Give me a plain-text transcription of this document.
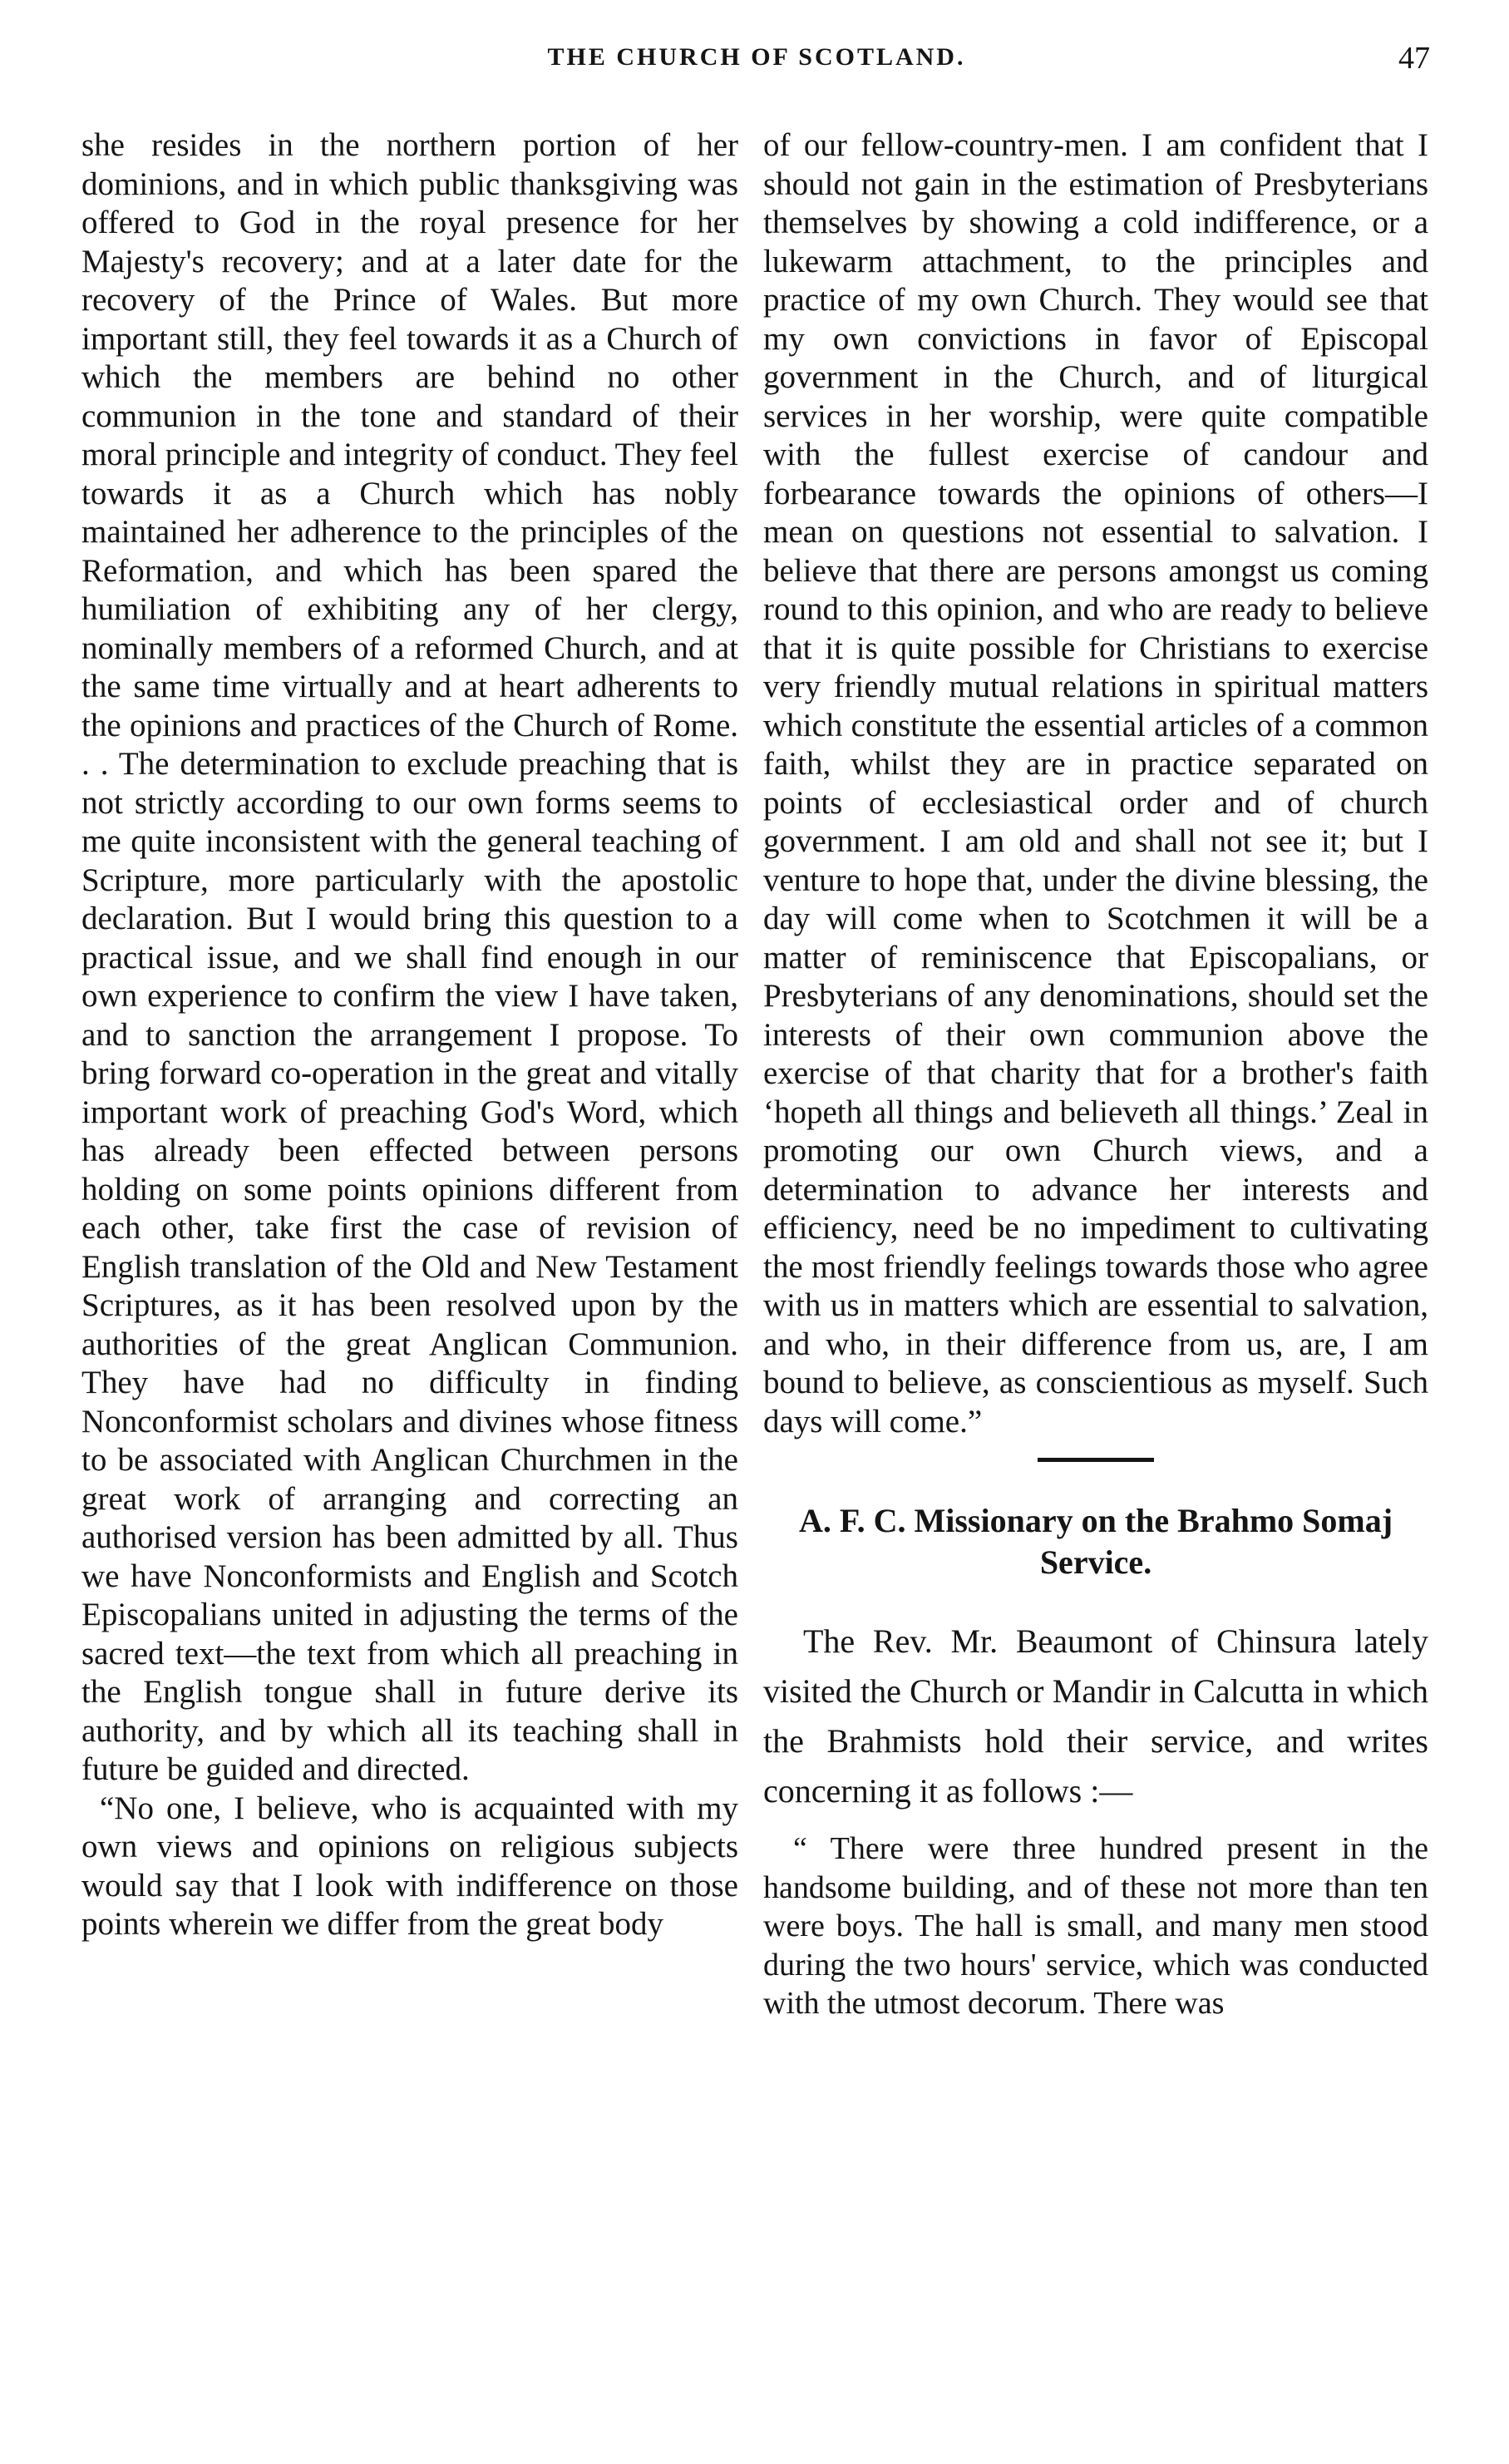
THE CHURCH OF SCOTLAND.	47

she resides in the northern portion of her dominions, and in which public thanksgiving was offered to God in the royal presence for her Majesty's recovery; and at a later date for the recovery of the Prince of Wales. But more important still, they feel towards it as a Church of which the members are behind no other communion in the tone and standard of their moral principle and integrity of conduct. They feel towards it as a Church which has nobly maintained her adherence to the principles of the Reformation, and which has been spared the humiliation of exhibiting any of her clergy, nominally members of a reformed Church, and at the same time virtually and at heart adherents to the opinions and practices of the Church of Rome. . . The determination to exclude preaching that is not strictly according to our own forms seems to me quite inconsistent with the general teaching of Scripture, more particularly with the apostolic declaration. But I would bring this question to a practical issue, and we shall find enough in our own experience to confirm the view I have taken, and to sanction the arrangement I propose. To bring forward co-operation in the great and vitally important work of preaching God's Word, which has already been effected between persons holding on some points opinions different from each other, take first the case of revision of English translation of the Old and New Testament Scriptures, as it has been resolved upon by the authorities of the great Anglican Communion. They have had no difficulty in finding Nonconformist scholars and divines whose fitness to be associated with Anglican Churchmen in the great work of arranging and correcting an authorised version has been admitted by all. Thus we have Nonconformists and English and Scotch Episcopalians united in adjusting the terms of the sacred text—the text from which all preaching in the English tongue shall in future derive its authority, and by which all its teaching shall in future be guided and directed.

“No one, I believe, who is acquainted with my own views and opinions on religious subjects would say that I look with indifference on those points wherein we differ from the great body

of our fellow-country-men. I am confident that I should not gain in the estimation of Presbyterians themselves by showing a cold indifference, or a lukewarm attachment, to the principles and practice of my own Church. They would see that my own convictions in favor of Episcopal government in the Church, and of liturgical services in her worship, were quite compatible with the fullest exercise of candour and forbearance towards the opinions of others—I mean on questions not essential to salvation. I believe that there are persons amongst us coming round to this opinion, and who are ready to believe that it is quite possible for Christians to exercise very friendly mutual relations in spiritual matters which constitute the essential articles of a common faith, whilst they are in practice separated on points of ecclesiastical order and of church government. I am old and shall not see it; but I venture to hope that, under the divine blessing, the day will come when to Scotchmen it will be a matter of reminiscence that Episcopalians, or Presbyterians of any denominations, should set the interests of their own communion above the exercise of that charity that for a brother's faith ‘hopeth all things and believeth all things.’ Zeal in promoting our own Church views, and a determination to advance her interests and efficiency, need be no impediment to cultivating the most friendly feelings towards those who agree with us in matters which are essential to salvation, and who, in their difference from us, are, I am bound to believe, as conscientious as myself. Such days will come.”

A. F. C. Missionary on the Brahmo Somaj Service.

The Rev. Mr. Beaumont of Chinsura lately visited the Church or Mandir in Calcutta in which the Brahmists hold their service, and writes concerning it as follows :—

“ There were three hundred present in the handsome building, and of these not more than ten were boys. The hall is small, and many men stood during the two hours' service, which was conducted with the utmost decorum. There was
